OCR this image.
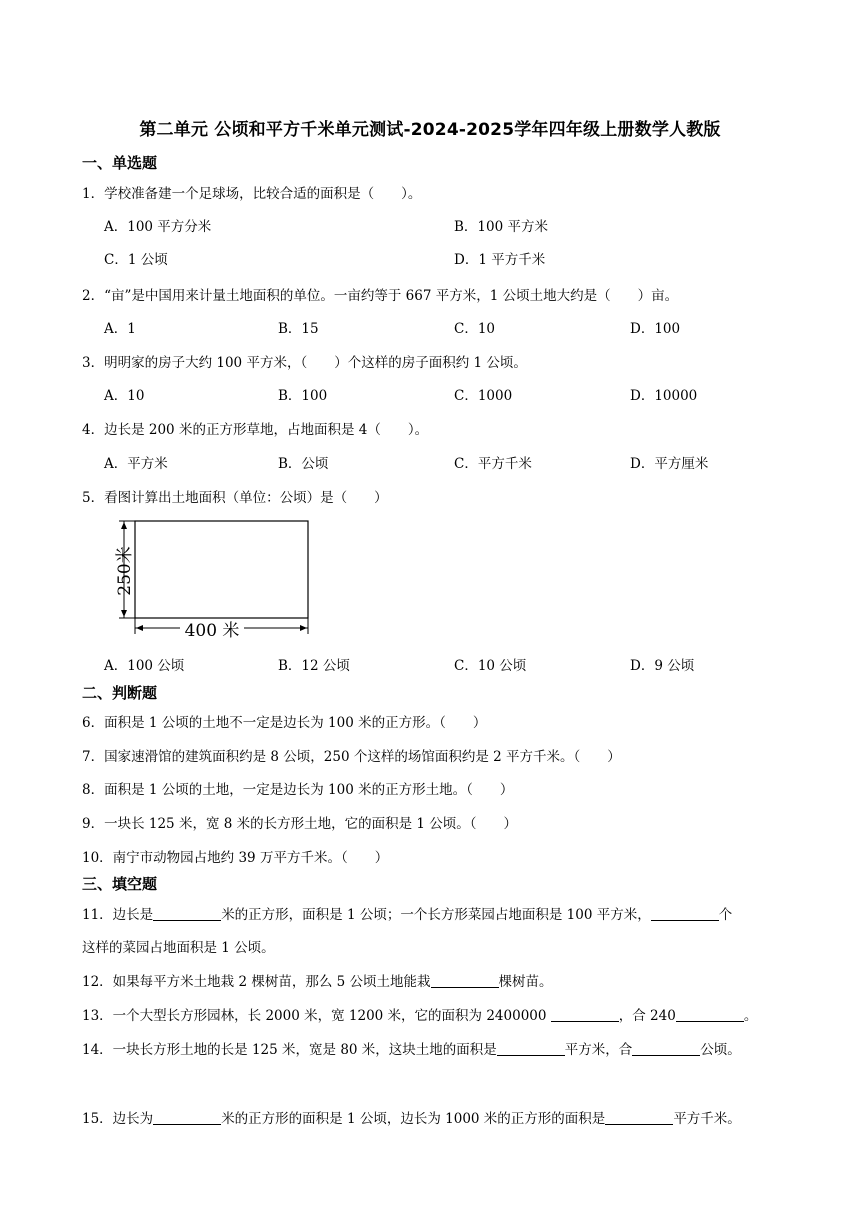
第二单元 公顷和平方千米单元测试-2024-2025学年四年级上册数学人教版
一、单选题
1．学校准备建一个足球场，比较合适的面积是（　　）。
A．100 平方分米	B．100 平方米
C．1 公顷	D．1 平方千米
2．“亩”是中国用来计量土地面积的单位。一亩约等于 667 平方米，1 公顷土地大约是（　　）亩。
A．1	B．15	C．10	D．100
3．明明家的房子大约 100 平方米，（　　）个这样的房子面积约 1 公顷。
A．10	B．100	C．1000	D．10000
4．边长是 200 米的正方形草地，占地面积是 4（　　）。
A．平方米	B．公顷	C．平方千米	D．平方厘米
5．看图计算出土地面积（单位：公顷）是（　　）
250米
400 米
A．100 公顷	B．12 公顷	C．10 公顷	D．9 公顷
二、判断题
6．面积是 1 公顷的土地不一定是边长为 100 米的正方形。（　　）
7．国家速滑馆的建筑面积约是 8 公顷，250 个这样的场馆面积约是 2 平方千米。（　　）
8．面积是 1 公顷的土地，一定是边长为 100 米的正方形土地。（　　）
9．一块长 125 米，宽 8 米的长方形土地，它的面积是 1 公顷。（　　）
10．南宁市动物园占地约 39 万平方千米。（　　）
三、填空题
11．边长是	米的正方形，面积是 1 公顷；一个长方形菜园占地面积是 100 平方米，	个
这样的菜园占地面积是 1 公顷。
12．如果每平方米土地栽 2 棵树苗，那么 5 公顷土地能栽	棵树苗。
13．一个大型长方形园林，长 2000 米，宽 1200 米，它的面积为 2400000	，合 240	。
14．一块长方形土地的长是 125 米，宽是 80 米，这块土地的面积是	平方米，合	公顷。
15．边长为	米的正方形的面积是 1 公顷，边长为 1000 米的正方形的面积是	平方千米。
